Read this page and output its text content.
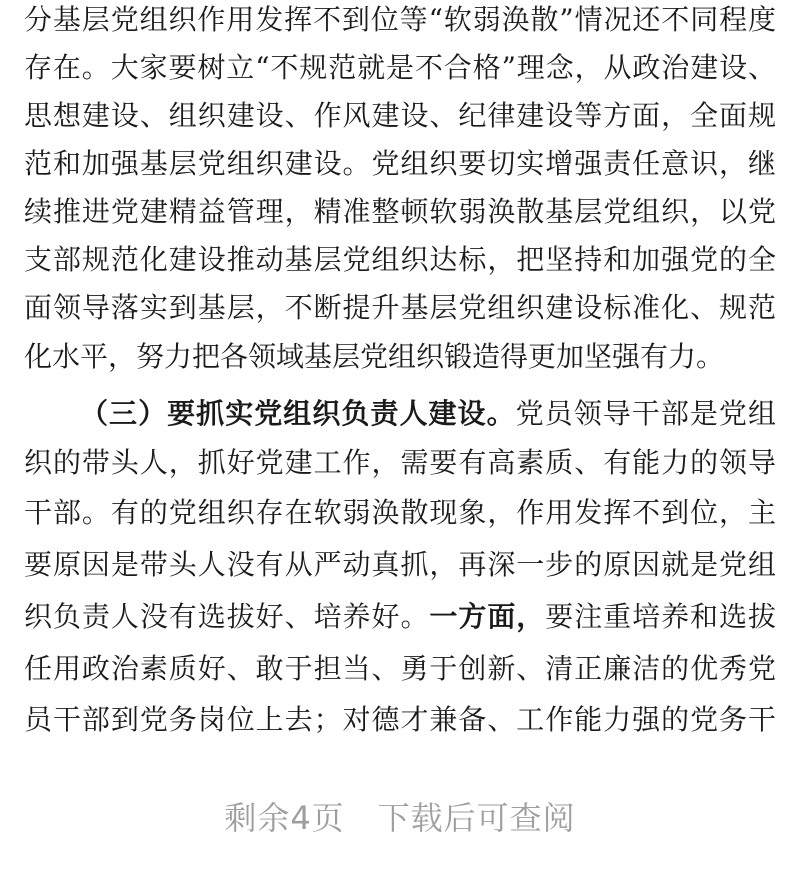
分基层党组织作用发挥不到位等“软弱涣散”情况还不同程度
存在。大家要树立“不规范就是不合格”理念，从政治建设、
思想建设、组织建设、作风建设、纪律建设等方面，全面规
范和加强基层党组织建设。党组织要切实增强责任意识，继
续推进党建精益管理，精准整顿软弱涣散基层党组织，以党
支部规范化建设推动基层党组织达标，把坚持和加强党的全
面领导落实到基层，不断提升基层党组织建设标准化、规范
化水平，努力把各领域基层党组织锻造得更加坚强有力。
（三）要抓实党组织负责人建设。党员领导干部是党组
织的带头人，抓好党建工作，需要有高素质、有能力的领导
干部。有的党组织存在软弱涣散现象，作用发挥不到位，主
要原因是带头人没有从严动真抓，再深一步的原因就是党组
织负责人没有选拔好、培养好。一方面，要注重培养和选拔
任用政治素质好、敢于担当、勇于创新、清正廉洁的优秀党
员干部到党务岗位上去；对德才兼备、工作能力强的党务干
剩余4页　下载后可查阅
